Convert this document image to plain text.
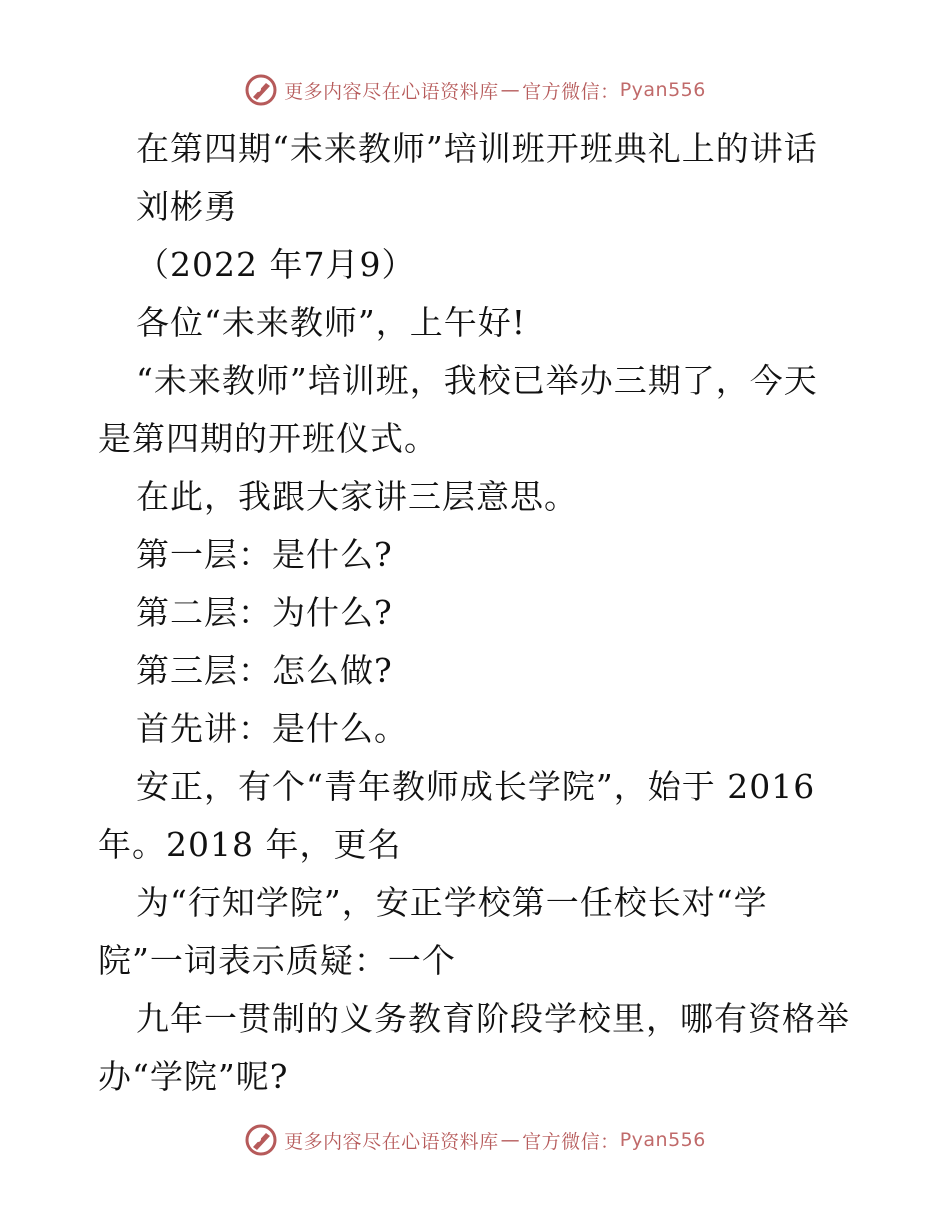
更多内容尽在心语资料库 — 官方微信： Pyan556
在第四期“未来教师”培训班开班典礼上的讲话
刘彬勇
（2022 年7月9）
各位“未来教师”，上午好!
“未来教师”培训班，我校已举办三期了，今天
是第四期的开班仪式。
在此，我跟大家讲三层意思。
第一层：是什么?
第二层：为什么?
第三层：怎么做?
首先讲：是什么。
安正，有个“青年教师成长学院”，始于 2016
年。2018 年，更名
为“行知学院”，安正学校第一任校长对“学
院”一词表示质疑：一个
九年一贯制的义务教育阶段学校里，哪有资格举
办“学院”呢?
更多内容尽在心语资料库 — 官方微信： Pyan556
